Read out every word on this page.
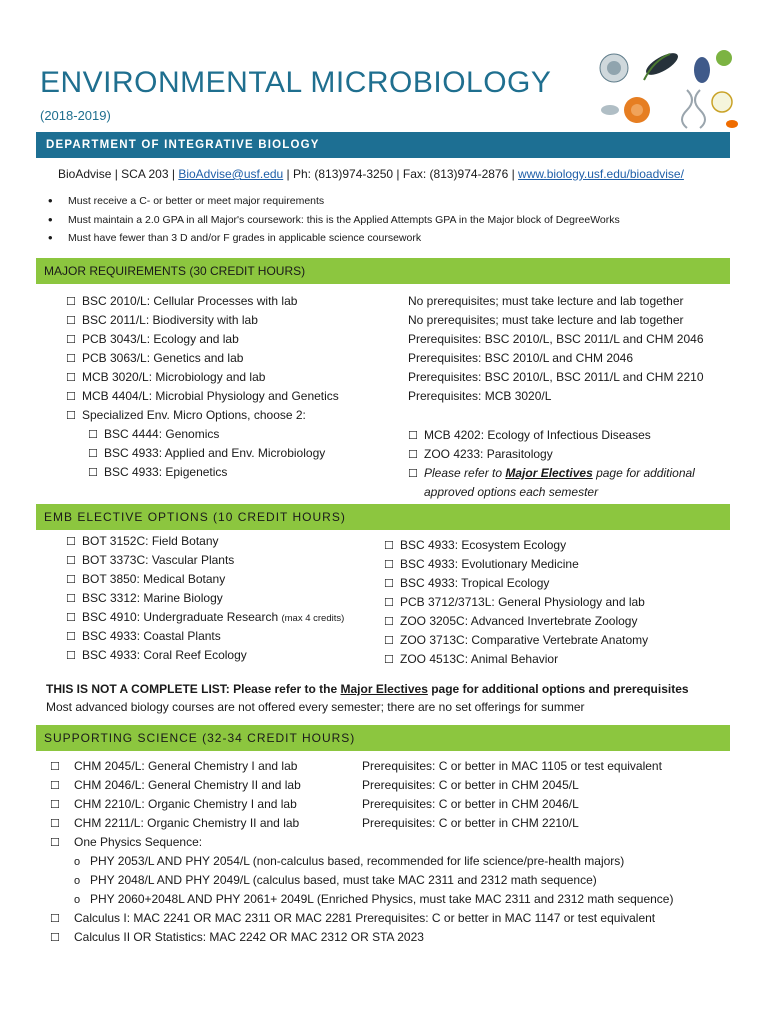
ENVIRONMENTAL MICROBIOLOGY
(2018-2019)
DEPARTMENT OF INTEGRATIVE BIOLOGY
BioAdvise | SCA 203 | BioAdvise@usf.edu | Ph: (813)974-3250 | Fax: (813)974-2876 | www.biology.usf.edu/bioadvise/
• Must receive a C- or better or meet major requirements
• Must maintain a 2.0 GPA in all Major's coursework: this is the Applied Attempts GPA in the Major block of DegreeWorks
• Must have fewer than 3 D and/or F grades in applicable science coursework
MAJOR REQUIREMENTS (30 CREDIT HOURS)
☐ BSC 2010/L: Cellular Processes with lab
☐ BSC 2011/L: Biodiversity with lab
☐ PCB 3043/L: Ecology and lab
☐ PCB 3063/L: Genetics and lab
☐ MCB 3020/L: Microbiology and lab
☐ MCB 4404/L: Microbial Physiology and Genetics
☐ Specialized Env. Micro Options, choose 2:
☐ BSC 4444: Genomics
☐ BSC 4933: Applied and Env. Microbiology
☐ BSC 4933: Epigenetics
No prerequisites; must take lecture and lab together
No prerequisites; must take lecture and lab together
Prerequisites: BSC 2010/L, BSC 2011/L and CHM 2046
Prerequisites: BSC 2010/L and CHM 2046
Prerequisites: BSC 2010/L, BSC 2011/L and CHM 2210
Prerequisites: MCB 3020/L
☐ MCB 4202: Ecology of Infectious Diseases
☐ ZOO 4233: Parasitology
☐ Please refer to Major Electives page for additional
approved options each semester
EMB ELECTIVE OPTIONS (10 CREDIT HOURS)
☐ BOT 3152C: Field Botany
☐ BOT 3373C: Vascular Plants
☐ BOT 3850: Medical Botany
☐ BSC 3312: Marine Biology
☐ BSC 4910: Undergraduate Research (max 4 credits)
☐ BSC 4933: Coastal Plants
☐ BSC 4933: Coral Reef Ecology
☐ BSC 4933: Ecosystem Ecology
☐ BSC 4933: Evolutionary Medicine
☐ BSC 4933: Tropical Ecology
☐ PCB 3712/3713L: General Physiology and lab
☐ ZOO 3205C: Advanced Invertebrate Zoology
☐ ZOO 3713C: Comparative Vertebrate Anatomy
☐ ZOO 4513C: Animal Behavior
THIS IS NOT A COMPLETE LIST: Please refer to the Major Electives page for additional options and prerequisites
Most advanced biology courses are not offered every semester; there are no set offerings for summer
SUPPORTING SCIENCE (32-34 CREDIT HOURS)
☐ CHM 2045/L: General Chemistry I and lab
☐ CHM 2046/L: General Chemistry II and lab
☐ CHM 2210/L: Organic Chemistry I and lab
☐ CHM 2211/L: Organic Chemistry II and lab
☐ One Physics Sequence:
o PHY 2053/L AND PHY 2054/L (non-calculus based, recommended for life science/pre-health majors)
o PHY 2048/L AND PHY 2049/L (calculus based, must take MAC 2311 and 2312 math sequence)
o PHY 2060+2048L AND PHY 2061+ 2049L (Enriched Physics, must take MAC 2311 and 2312 math sequence)
☐ Calculus I: MAC 2241 OR MAC 2311 OR MAC 2281 Prerequisites: C or better in MAC 1147 or test equivalent
☐ Calculus II OR Statistics: MAC 2242 OR MAC 2312 OR STA 2023
Prerequisites: C or better in MAC 1105 or test equivalent
Prerequisites: C or better in CHM 2045/L
Prerequisites: C or better in CHM 2046/L
Prerequisites: C or better in CHM 2210/L
